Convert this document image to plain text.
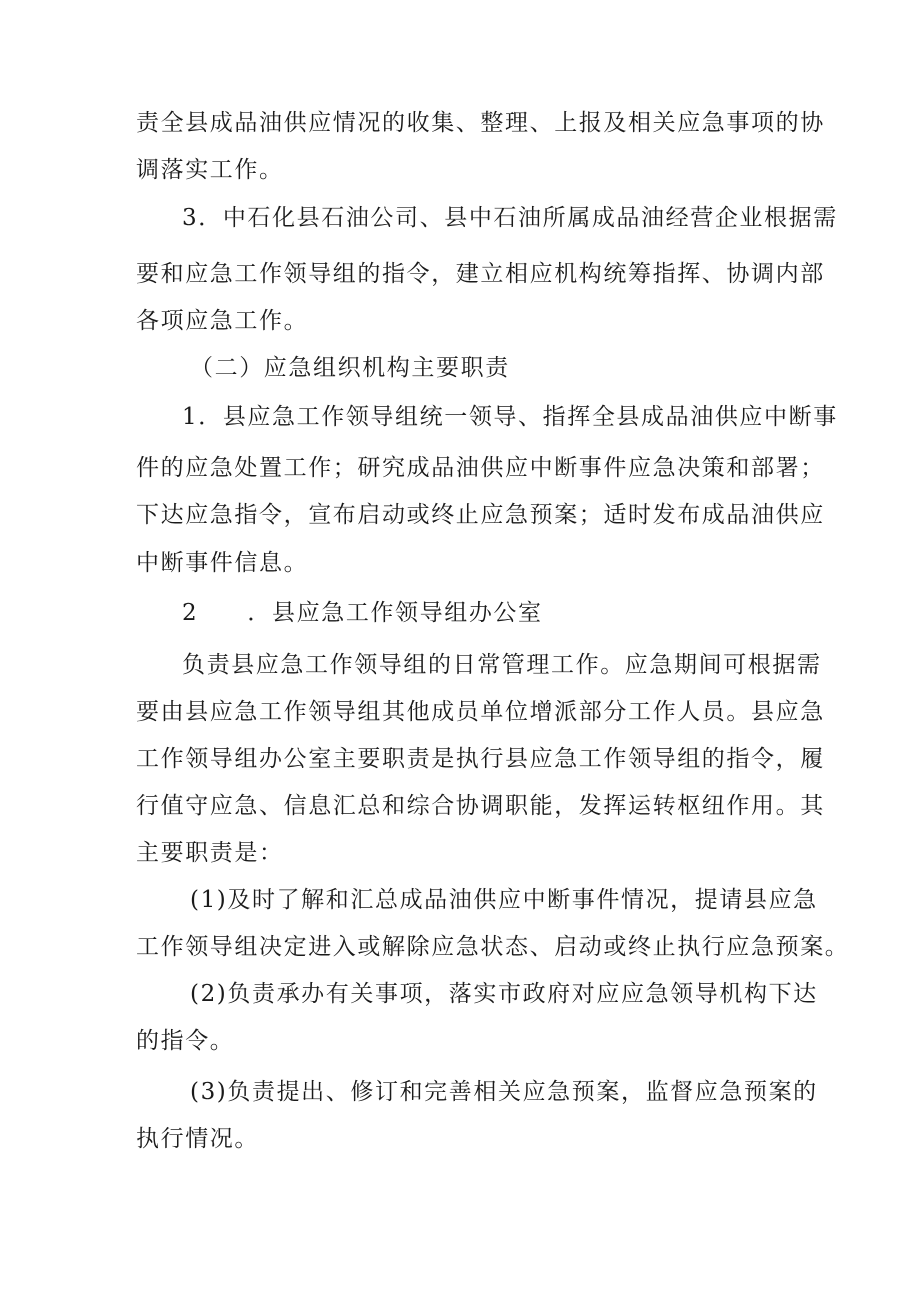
责全县成品油供应情况的收集、整理、上报及相关应急事项的协
调落实工作。
3．中石化县石油公司、县中石油所属成品油经营企业根据需
要和应急工作领导组的指令，建立相应机构统筹指挥、协调内部
各项应急工作。
（二）应急组织机构主要职责
1．县应急工作领导组统一领导、指挥全县成品油供应中断事
件的应急处置工作；研究成品油供应中断事件应急决策和部署；
下达应急指令，宣布启动或终止应急预案；适时发布成品油供应
中断事件信息。
2　　．县应急工作领导组办公室
负责县应急工作领导组的日常管理工作。应急期间可根据需
要由县应急工作领导组其他成员单位增派部分工作人员。县应急
工作领导组办公室主要职责是执行县应急工作领导组的指令，履
行值守应急、信息汇总和综合协调职能，发挥运转枢纽作用。其
主要职责是：
(1)及时了解和汇总成品油供应中断事件情况，提请县应急
工作领导组决定进入或解除应急状态、启动或终止执行应急预案。
(2)负责承办有关事项，落实市政府对应应急领导机构下达
的指令。
(3)负责提出、修订和完善相关应急预案，监督应急预案的
执行情况。
